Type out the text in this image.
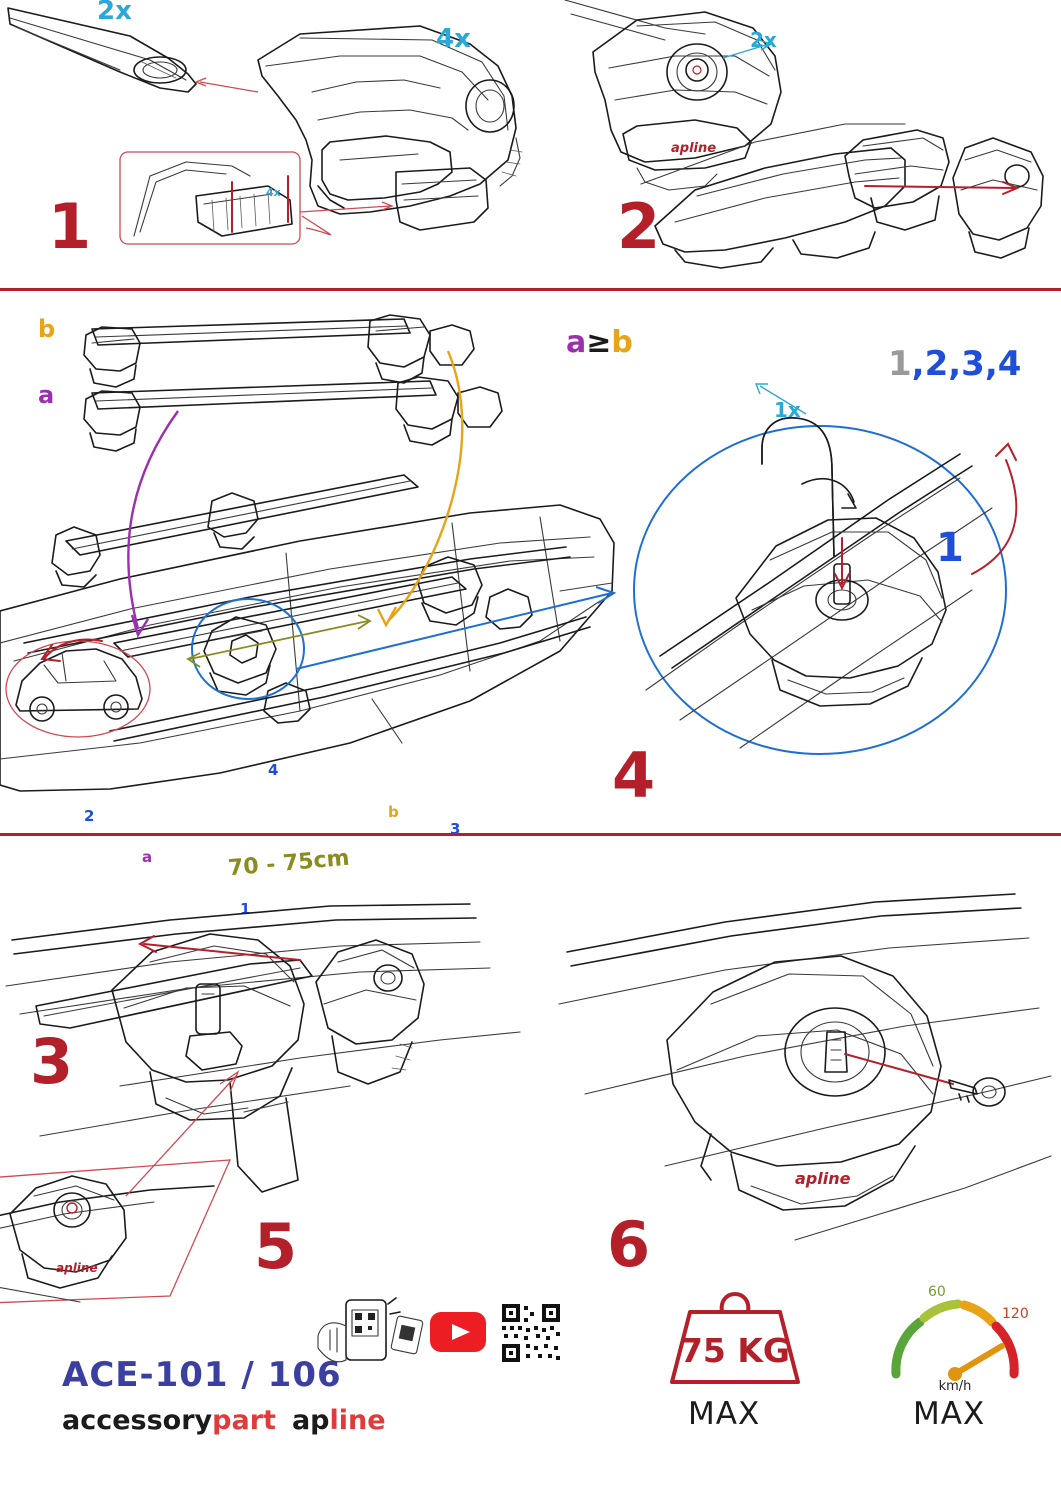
4x
2x
4x
1
apline
2x
2
b
a
70 - 75cm
2
4
3
1
a
b
3
a≥b
1x
1,2,3,4
1
4
apline	5
apline
6
ACE-101 / 106
accessorypart apline
75 KG
MAX
60
120
km/h
MAX
